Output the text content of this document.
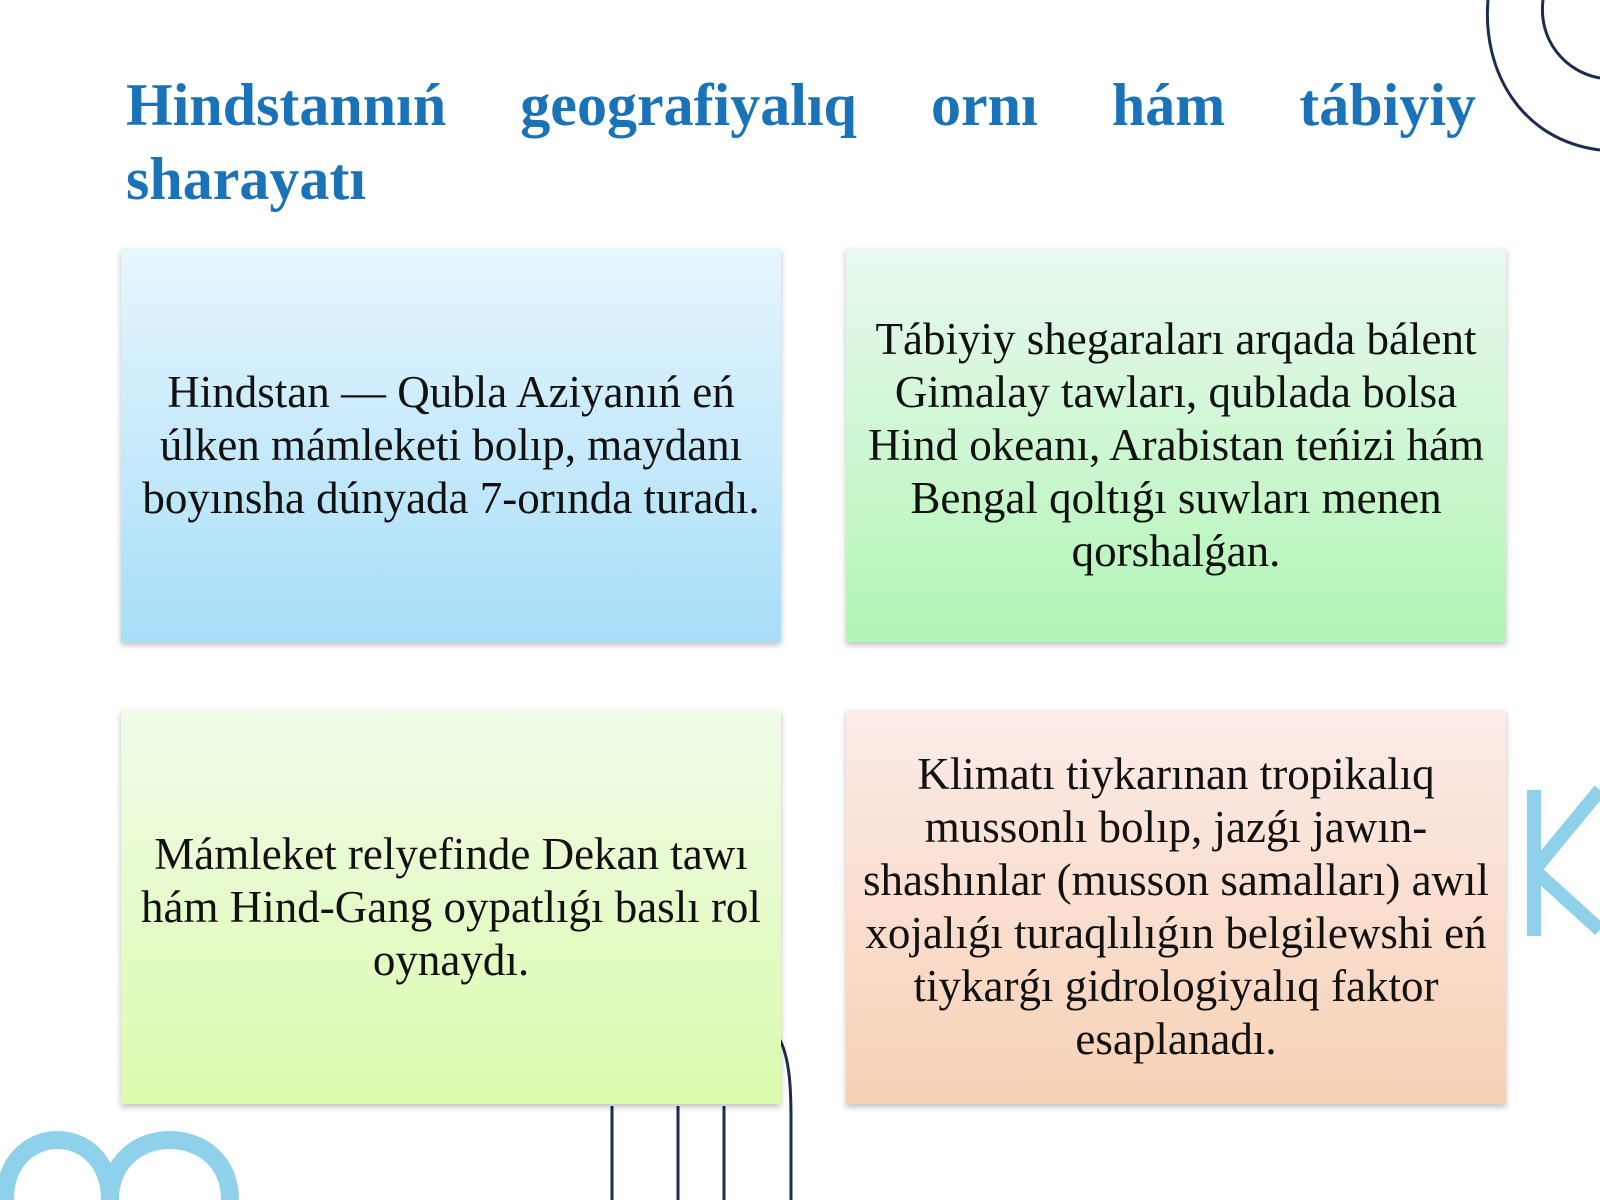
Hindstannıń geografiyalıq ornı hám tábiyiy sharayatı

Hindstan — Qubla Aziyanıń eń úlken mámleketi bolıp, maydanı boyınsha dúnyada 7-orında turadı.

Tábiyiy shegaraları arqada bálent Gimalay tawları, qublada bolsa Hind okeanı, Arabistan teńizi hám Bengal qoltıǵı suwları menen qorshalǵan.

Mámleket relyefinde Dekan tawı hám Hind-Gang oypatlıǵı baslı rol oynaydı.

Klimatı tiykarınan tropikalıq mussonlı bolıp, jazǵı jawın-shashınlar (musson samalları) awıl xojalıǵı turaqlılıǵın belgilewshi eń tiykarǵı gidrologiyalıq faktor esaplanadı.
